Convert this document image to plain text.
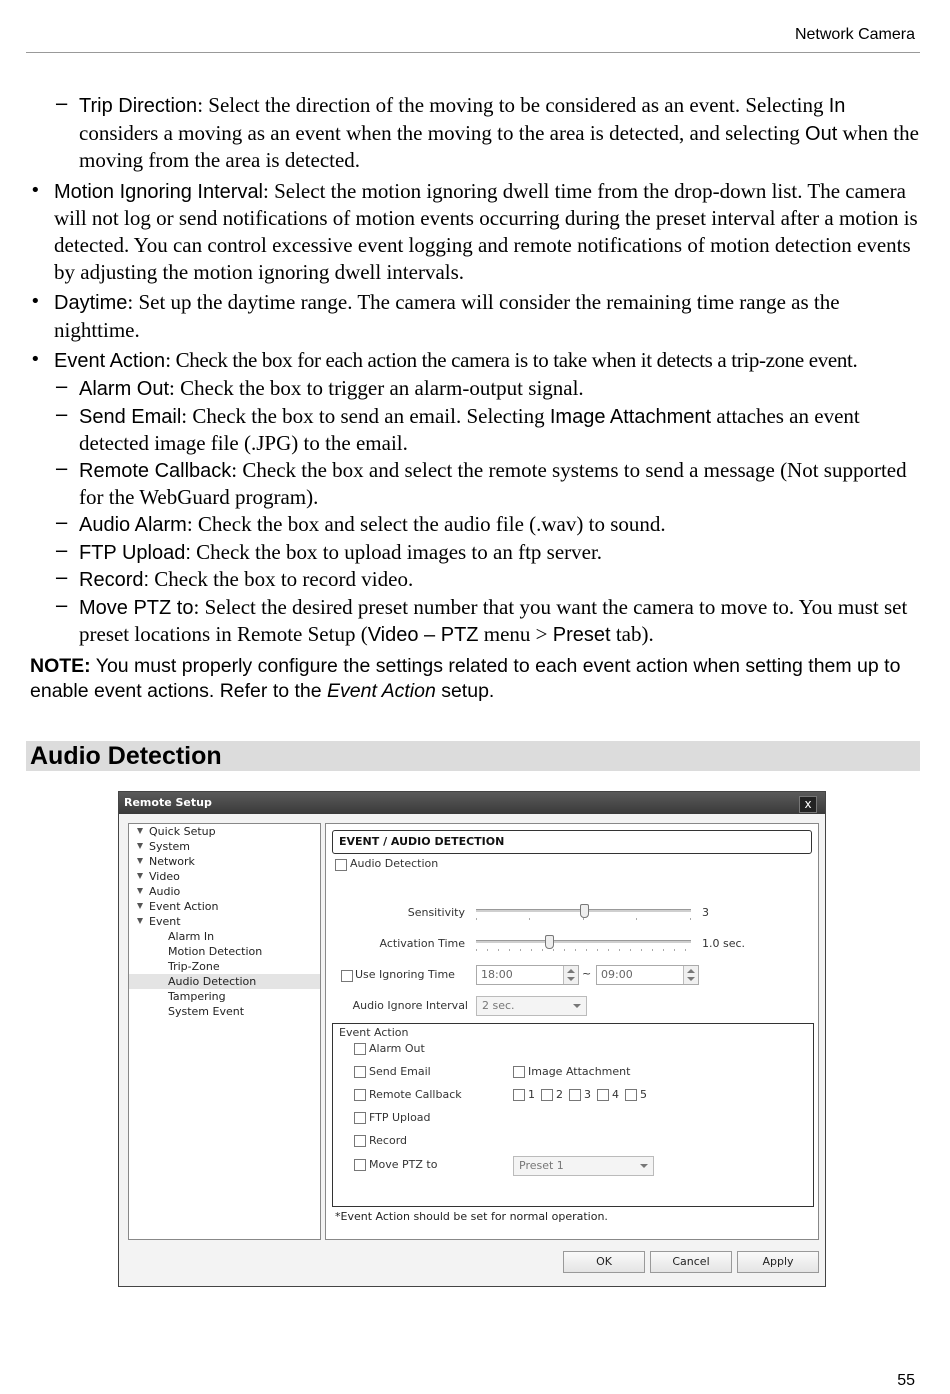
Network Camera
− Trip Direction: Select the direction of the moving to be considered as an event. Selecting In considers a moving as an event when the moving to the area is detected, and selecting Out when the moving from the area is detected.
• Motion Ignoring Interval: Select the motion ignoring dwell time from the drop-down list. The camera will not log or send notifications of motion events occurring during the preset interval after a motion is detected. You can control excessive event logging and remote notifications of motion detection events by adjusting the motion ignoring dwell intervals.
• Daytime: Set up the daytime range. The camera will consider the remaining time range as the nighttime.
• Event Action: Check the box for each action the camera is to take when it detects a trip-zone event.
− Alarm Out: Check the box to trigger an alarm-output signal.
− Send Email: Check the box to send an email. Selecting Image Attachment attaches an event detected image file (.JPG) to the email.
− Remote Callback: Check the box and select the remote systems to send a message (Not supported for the WebGuard program).
− Audio Alarm: Check the box and select the audio file (.wav) to sound.
− FTP Upload: Check the box to upload images to an ftp server.
− Record: Check the box to record video.
− Move PTZ to: Select the desired preset number that you want the camera to move to. You must set preset locations in Remote Setup (Video – PTZ menu > Preset tab).
NOTE: You must properly configure the settings related to each event action when setting them up to enable event actions. Refer to the Event Action setup.
Audio Detection
Remote Setup	x
Quick Setup
System
Network
Video
Audio
Event Action
Event
Alarm In
Motion Detection
Trip-Zone
Audio Detection
Tampering
System Event
EVENT / AUDIO DETECTION
Audio Detection
Sensitivity	3
Activation Time	1.0 sec.
Use Ignoring Time 18:00	~ 09:00
Audio Ignore Interval 2 sec.
Event Action
Alarm Out
Send Email	Image Attachment
Remote Callback	1 2 3 4 5
FTP Upload
Record
Move PTZ to	Preset 1
*Event Action should be set for normal operation.
OK	Cancel	Apply
55
